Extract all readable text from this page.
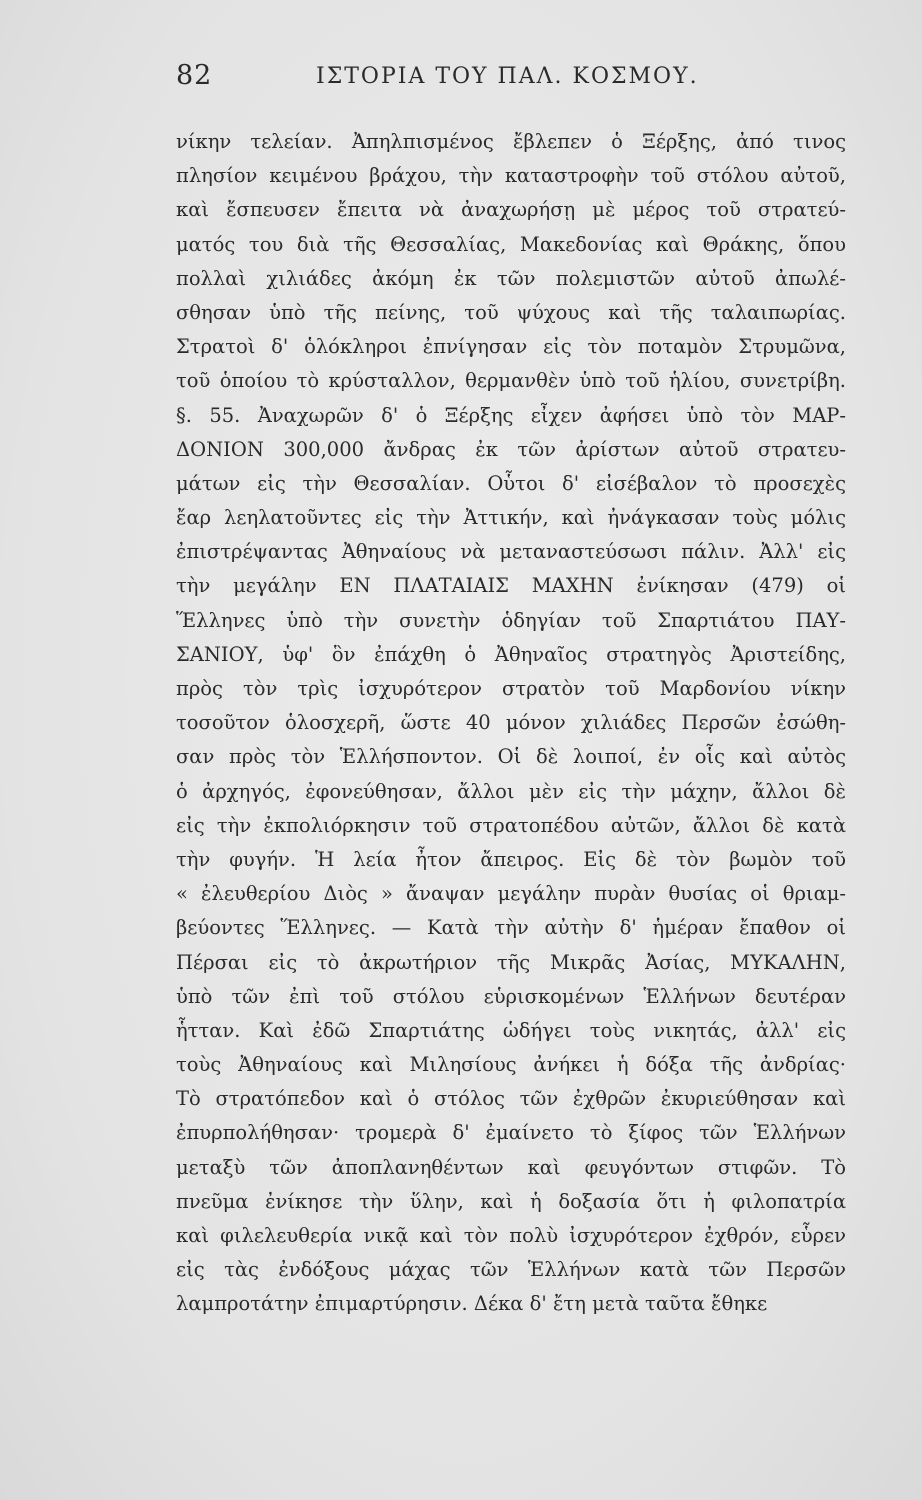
82	ΙΣΤΟΡΙΑ ΤΟΥ ΠΑΛ. ΚΟΣΜΟΥ.
νίκην τελείαν. Ἀπηλπισμένος ἔβλεπεν ὁ Ξέρξης, ἀπό τινος
πλησίον κειμένου βράχου, τὴν καταστροφὴν τοῦ στόλου αὐτοῦ,
καὶ ἔσπευσεν ἔπειτα νὰ ἀναχωρήσῃ μὲ μέρος τοῦ στρατεύ-
ματός του διὰ τῆς Θεσσαλίας, Μακεδονίας καὶ Θράκης, ὅπου
πολλαὶ χιλιάδες ἀκόμη ἐκ τῶν πολεμιστῶν αὐτοῦ ἀπωλέ-
σθησαν ὑπὸ τῆς πείνης, τοῦ ψύχους καὶ τῆς ταλαιπωρίας.
Στρατοὶ δ' ὁλόκληροι ἐπνίγησαν εἰς τὸν ποταμὸν Στρυμῶνα,
τοῦ ὁποίου τὸ κρύσταλλον, θερμανθὲν ὑπὸ τοῦ ἡλίου, συνετρίβη.
§. 55. Ἀναχωρῶν δ' ὁ Ξέρξης εἶχεν ἀφήσει ὑπὸ τὸν ΜΑΡ-
ΔΟΝΙΟΝ 300,000 ἄνδρας ἐκ τῶν ἀρίστων αὐτοῦ στρατευ-
μάτων εἰς τὴν Θεσσαλίαν. Οὗτοι δ' εἰσέβαλον τὸ προσεχὲς
ἔαρ λεηλατοῦντες εἰς τὴν Ἀττικήν, καὶ ἠνάγκασαν τοὺς μόλις
ἐπιστρέψαντας Ἀθηναίους νὰ μεταναστεύσωσι πάλιν. Ἀλλ' εἰς
τὴν μεγάλην ΕΝ ΠΛΑΤΑΙΑΙΣ ΜΑΧΗΝ ἐνίκησαν (479) οἱ
Ἕλληνες ὑπὸ τὴν συνετὴν ὁδηγίαν τοῦ Σπαρτιάτου ΠΑΥ-
ΣΑΝΙΟΥ, ὑφ' ὃν ἐπάχθη ὁ Ἀθηναῖος στρατηγὸς Ἀριστείδης,
πρὸς τὸν τρὶς ἰσχυρότερον στρατὸν τοῦ Μαρδονίου νίκην
τοσοῦτον ὁλοσχερῆ, ὥστε 40 μόνον χιλιάδες Περσῶν ἐσώθη-
σαν πρὸς τὸν Ἑλλήσποντον. Οἱ δὲ λοιποί, ἐν οἷς καὶ αὐτὸς
ὁ ἀρχηγός, ἐφονεύθησαν, ἄλλοι μὲν εἰς τὴν μάχην, ἄλλοι δὲ
εἰς τὴν ἐκπολιόρκησιν τοῦ στρατοπέδου αὐτῶν, ἄλλοι δὲ κατὰ
τὴν φυγήν. Ἡ λεία ἦτον ἄπειρος. Εἰς δὲ τὸν βωμὸν τοῦ
« ἐλευθερίου Διὸς » ἄναψαν μεγάλην πυρὰν θυσίας οἱ θριαμ-
βεύοντες Ἕλληνες. — Κατὰ τὴν αὐτὴν δ' ἡμέραν ἔπαθον οἱ
Πέρσαι εἰς τὸ ἀκρωτήριον τῆς Μικρᾶς Ἀσίας, ΜΥΚΑΛΗΝ,
ὑπὸ τῶν ἐπὶ τοῦ στόλου εὑρισκομένων Ἑλλήνων δευτέραν
ἧτταν. Καὶ ἐδῶ Σπαρτιάτης ὡδήγει τοὺς νικητάς, ἀλλ' εἰς
τοὺς Ἀθηναίους καὶ Μιλησίους ἀνήκει ἡ δόξα τῆς ἀνδρίας·
Τὸ στρατόπεδον καὶ ὁ στόλος τῶν ἐχθρῶν ἐκυριεύθησαν καὶ
ἐπυρπολήθησαν· τρομερὰ δ' ἐμαίνετο τὸ ξίφος τῶν Ἑλλήνων
μεταξὺ τῶν ἀποπλανηθέντων καὶ φευγόντων στιφῶν. Τὸ
πνεῦμα ἐνίκησε τὴν ὕλην, καὶ ἡ δοξασία ὅτι ἡ φιλοπατρία
καὶ φιλελευθερία νικᾷ καὶ τὸν πολὺ ἰσχυρότερον ἐχθρόν, εὗρεν
εἰς τὰς ἐνδόξους μάχας τῶν Ἑλλήνων κατὰ τῶν Περσῶν
λαμπροτάτην ἐπιμαρτύρησιν. Δέκα δ' ἔτη μετὰ ταῦτα ἔθηκε
